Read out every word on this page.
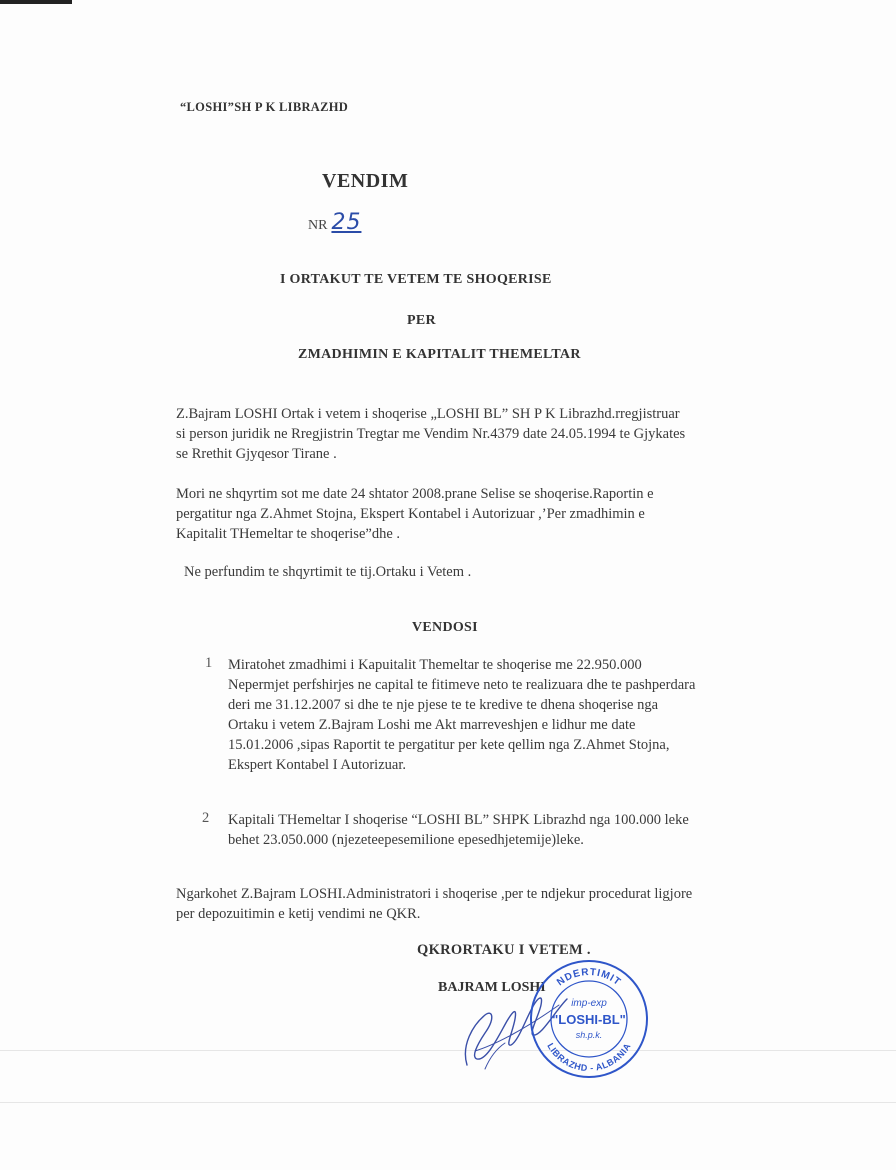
“LOSHI”SH P K LIBRAZHD

VENDIM

NR 25

I ORTAKUT TE VETEM TE SHOQERISE

PER

ZMADHIMIN E KAPITALIT THEMELTAR

Z.Bajram LOSHI Ortak i vetem i shoqerise „LOSHI BL” SH P K Librazhd.rregjistruar
si person juridik ne Rregjistrin Tregtar me Vendim Nr.4379 date 24.05.1994 te Gjykates
se Rrethit Gjyqesor Tirane .
Mori ne shqyrtim sot me date 24 shtator 2008.prane Selise se shoqerise.Raportin e
pergatitur nga Z.Ahmet Stojna, Ekspert Kontabel i Autorizuar ,’Per zmadhimin e
Kapitalit THemeltar te shoqerise”dhe .
Ne perfundim te shqyrtimit te tij.Ortaku i Vetem .

VENDOSI

1 Miratohet zmadhimi i Kapuitalit Themeltar te shoqerise me 22.950.000
Nepermjet perfshirjes ne capital te fitimeve neto te realizuara dhe te pashperdara
deri me 31.12.2007 si dhe te nje pjese te te kredive te dhena shoqerise nga
Ortaku i vetem Z.Bajram Loshi me Akt marreveshjen e lidhur me date
15.01.2006 ,sipas Raportit te pergatitur per kete qellim nga Z.Ahmet Stojna,
Ekspert Kontabel I Autorizuar.
2 Kapitali THemeltar I shoqerise “LOSHI BL” SHPK Librazhd nga 100.000 leke
behet 23.050.000 (njezeteepesemilione epesedhjetemije)leke.
Ngarkohet Z.Bajram LOSHI.Administratori i shoqerise ,per te ndjekur procedurat ligjore
per depozuitimin e ketij vendimi ne QKR.

QKRORTAKU I VETEM .

BAJRAM LOSHI NDERTIMIT
LIBRAZHD - ALBANIA
imp-exp
"LOSHI-BL"
sh.p.k.
